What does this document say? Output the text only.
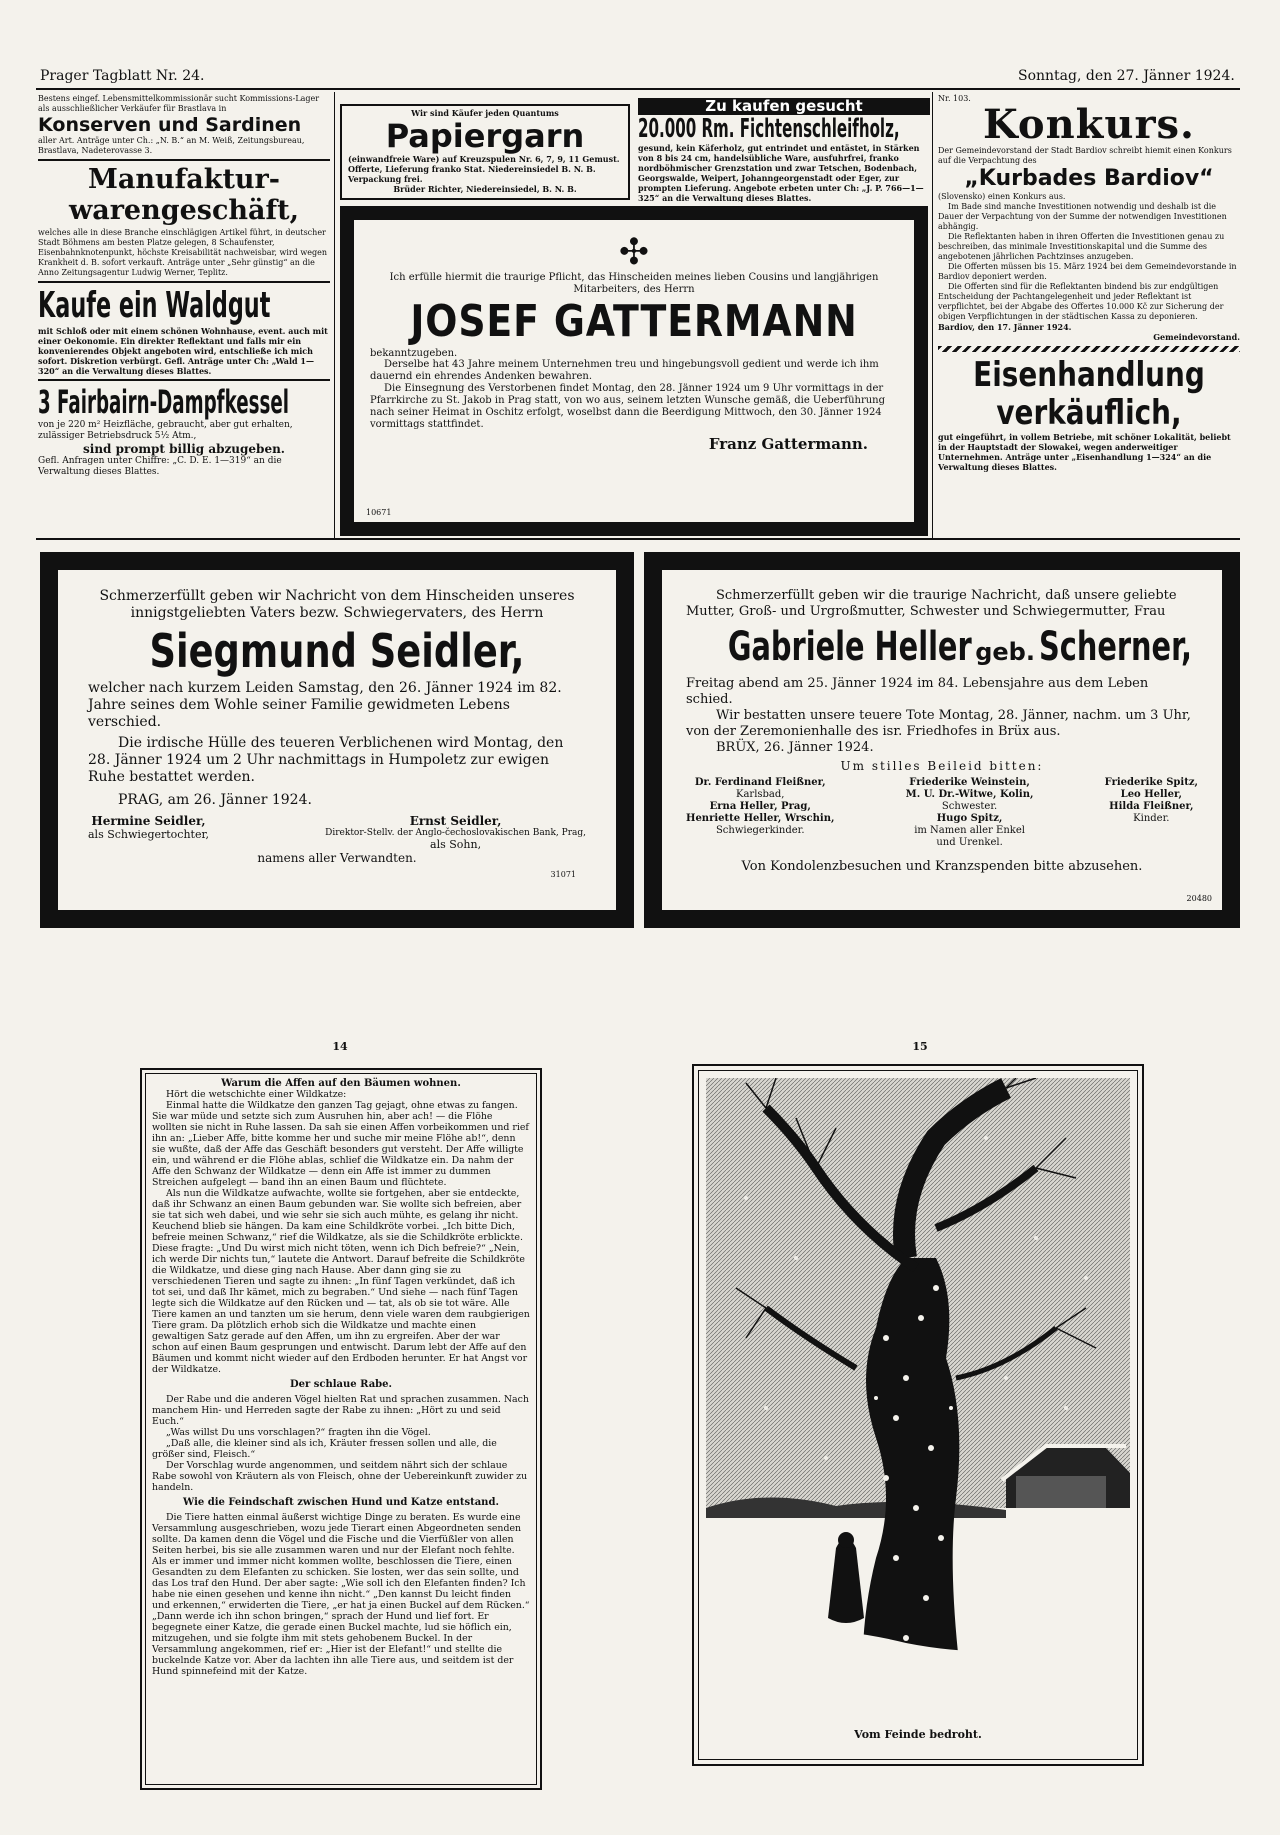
Prager Tagblatt Nr. 24.	Sonntag, den 27. Jänner 1924.

Bestens eingef. Lebensmittelkommissionär sucht Kommissions-Lager als ausschließlicher Verkäufer für Brastlava in

Konserven und Sardinen

aller Art. Anträge unter Ch.: „N. B.“ an M. Weiß, Zeitungsbureau, Brastlava, Nadeterovasse 3.

Manufaktur-
warengeschäft,

welches alle in diese Branche einschlägigen Artikel führt, in deutscher Stadt Böhmens am besten Platze gelegen, 8 Schaufenster, Eisenbahnknotenpunkt, höchste Kreisabilität nachweisbar, wird wegen Krankheit d. B. sofort verkauft. Anträge unter „Sehr günstig“ an die Anno Zeitungsagentur Ludwig Werner, Teplitz.

Kaufe ein Waldgut

mit Schloß oder mit einem schönen Wohnhause, event. auch mit einer Oekonomie. Ein direkter Reflektant und falls mir ein konvenierendes Objekt angeboten wird, entschließe ich mich sofort. Diskretion verbürgt. Gefl. Anträge unter Ch: „Wald 1—320“ an die Verwaltung dieses Blattes.

3 Fairbairn-Dampfkessel

von je 220 m² Heizfläche, gebraucht, aber gut erhalten, zulässiger Betriebsdruck 5½ Atm.,

sind prompt billig abzugeben.

Gefl. Anfragen unter Chiffre: „C. D. E. 1—319“ an die Verwaltung dieses Blattes.

Wir sind Käufer jeden Quantums
Papiergarn
(einwandfreie Ware) auf Kreuzspulen Nr. 6, 7, 9, 11 Gemust. Offerte, Lieferung franko Stat. Niedereinsiedel B. N. B. Verpackung frei.
Brüder Richter, Niedereinsiedel, B. N. B.
Zu kaufen gesucht
20.000 Rm. Fichtenschleifholz,

gesund, kein Käferholz, gut entrindet und entästet, in Stärken von 8 bis 24 cm, handelsübliche Ware, ausfuhrfrei, franko nordböhmischer Grenzstation und zwar Tetschen, Bodenbach, Georgswalde, Weipert, Johanngeorgenstadt oder Eger, zur prompten Lieferung. Angebote erbeten unter Ch: „J. P. 766—1—325“ an die Verwaltung dieses Blattes.

✣

Ich erfülle hiermit die traurige Pflicht, das Hinscheiden meines lieben Cousins und langjährigen Mitarbeiters, des Herrn

JOSEF GATTERMANN

bekanntzugeben.

Derselbe hat 43 Jahre meinem Unternehmen treu und hingebungsvoll gedient und werde ich ihm dauernd ein ehrendes Andenken bewahren.

Die Einsegnung des Verstorbenen findet Montag, den 28. Jänner 1924 um 9 Uhr vormittags in der Pfarrkirche zu St. Jakob in Prag statt, von wo aus, seinem letzten Wunsche gemäß, die Ueberführung nach seiner Heimat in Oschitz erfolgt, woselbst dann die Beerdigung Mittwoch, den 30. Jänner 1924 vormittags stattfindet.

Franz Gattermann.
10671
Nr. 103.
Konkurs.

Der Gemeindevorstand der Stadt Bardiov schreibt hiemit einen Konkurs auf die Verpachtung des

„Kurbades Bardiov“

(Slovensko) einen Konkurs aus.

Im Bade sind manche Investitionen notwendig und deshalb ist die Dauer der Verpachtung von der Summe der notwendigen Investitionen abhängig.

Die Reflektanten haben in ihren Offerten die Investitionen genau zu beschreiben, das minimale Investitionskapital und die Summe des angebotenen jährlichen Pachtzinses anzugeben.

Die Offerten müssen bis 15. März 1924 bei dem Gemeindevorstande in Bardiov deponiert werden.

Die Offerten sind für die Reflektanten bindend bis zur endgültigen Entscheidung der Pachtangelegenheit und jeder Reflektant ist verpflichtet, bei der Abgabe des Offertes 10.000 Kč zur Sicherung der obigen Verpflichtungen in der städtischen Kassa zu deponieren.

Bardiov, den 17. Jänner 1924.
Gemeindevorstand.
Eisenhandlung
verkäuflich,

gut eingeführt, in vollem Betriebe, mit schöner Lokalität, beliebt in der Hauptstadt der Slowakei, wegen anderweitiger Unternehmen. Anträge unter „Eisenhandlung 1—324“ an die Verwaltung dieses Blattes.

Schmerzerfüllt geben wir Nachricht von dem Hinscheiden unseres innigstgeliebten Vaters bezw. Schwiegervaters, des Herrn

Siegmund Seidler,

welcher nach kurzem Leiden Samstag, den 26. Jänner 1924 im 82. Jahre seines dem Wohle seiner Familie gewidmeten Lebens verschied.

Die irdische Hülle des teueren Verblichenen wird Montag, den 28. Jänner 1924 um 2 Uhr nachmittags in Humpoletz zur ewigen Ruhe bestattet werden.

PRAG, am 26. Jänner 1924.

Hermine Seidler,
als Schwiegertochter,
Ernst Seidler,
Direktor-Stellv. der Anglo-čechoslovakischen Bank, Prag,
als Sohn,
namens aller Verwandten.
31071

Schmerzerfüllt geben wir die traurige Nachricht, daß unsere geliebte Mutter, Groß- und Urgroßmutter, Schwester und Schwiegermutter, Frau

Gabriele Heller geb. Scherner,

Freitag abend am 25. Jänner 1924 im 84. Lebensjahre aus dem Leben schied.

Wir bestatten unsere teuere Tote Montag, 28. Jänner, nachm. um 3 Uhr, von der Zeremonienhalle des isr. Friedhofes in Brüx aus.

BRÜX, 26. Jänner 1924.

Um stilles Beileid bitten:
Dr. Ferdinand Fleißner,
Karlsbad,
Erna Heller, Prag,
Henriette Heller, Wrschin,
Schwiegerkinder.
Friederike Weinstein,
M. U. Dr.-Witwe, Kolin,
Schwester.
Hugo Spitz,
im Namen aller Enkel
und Urenkel.
Friederike Spitz,
Leo Heller,
Hilda Fleißner,
Kinder.
Von Kondolenzbesuchen und Kranzspenden bitte abzusehen.
20480
14
Warum die Affen auf den Bäumen wohnen.

Hört die wetschichte einer Wildkatze:

Einmal hatte die Wildkatze den ganzen Tag gejagt, ohne etwas zu fangen. Sie war müde und setzte sich zum Ausruhen hin, aber ach! — die Flöhe wollten sie nicht in Ruhe lassen. Da sah sie einen Affen vorbeikommen und rief ihn an: „Lieber Affe, bitte komme her und suche mir meine Flöhe ab!“, denn sie wußte, daß der Affe das Geschäft besonders gut versteht. Der Affe willigte ein, und während er die Flöhe ablas, schlief die Wildkatze ein. Da nahm der Affe den Schwanz der Wildkatze — denn ein Affe ist immer zu dummen Streichen aufgelegt — band ihn an einen Baum und flüchtete.

Als nun die Wildkatze aufwachte, wollte sie fortgehen, aber sie entdeckte, daß ihr Schwanz an einen Baum gebunden war. Sie wollte sich befreien, aber sie tat sich weh dabei, und wie sehr sie sich auch mühte, es gelang ihr nicht. Keuchend blieb sie hängen. Da kam eine Schildkröte vorbei. „Ich bitte Dich, befreie meinen Schwanz,“ rief die Wildkatze, als sie die Schildkröte erblickte. Diese fragte: „Und Du wirst mich nicht töten, wenn ich Dich befreie?“ „Nein, ich werde Dir nichts tun,“ lautete die Antwort. Darauf befreite die Schildkröte die Wildkatze, und diese ging nach Hause. Aber dann ging sie zu verschiedenen Tieren und sagte zu ihnen: „In fünf Tagen verkündet, daß ich tot sei, und daß Ihr kämet, mich zu begraben.“ Und siehe — nach fünf Tagen legte sich die Wildkatze auf den Rücken und — tat, als ob sie tot wäre. Alle Tiere kamen an und tanzten um sie herum, denn viele waren dem raubgierigen Tiere gram. Da plötzlich erhob sich die Wildkatze und machte einen gewaltigen Satz gerade auf den Affen, um ihn zu ergreifen. Aber der war schon auf einen Baum gesprungen und entwischt. Darum lebt der Affe auf den Bäumen und kommt nicht wieder auf den Erdboden herunter. Er hat Angst vor der Wildkatze.

Der schlaue Rabe.

Der Rabe und die anderen Vögel hielten Rat und sprachen zusammen. Nach manchem Hin- und Herreden sagte der Rabe zu ihnen: „Hört zu und seid Euch.“

„Was willst Du uns vorschlagen?“ fragten ihn die Vögel.

„Daß alle, die kleiner sind als ich, Kräuter fressen sollen und alle, die größer sind, Fleisch.“

Der Vorschlag wurde angenommen, und seitdem nährt sich der schlaue Rabe sowohl von Kräutern als von Fleisch, ohne der Uebereinkunft zuwider zu handeln.

Wie die Feindschaft zwischen Hund und Katze entstand.

Die Tiere hatten einmal äußerst wichtige Dinge zu beraten. Es wurde eine Versammlung ausgeschrieben, wozu jede Tierart einen Abgeordneten senden sollte. Da kamen denn die Vögel und die Fische und die Vierfüßler von allen Seiten herbei, bis sie alle zusammen waren und nur der Elefant noch fehlte. Als er immer und immer nicht kommen wollte, beschlossen die Tiere, einen Gesandten zu dem Elefanten zu schicken. Sie losten, wer das sein sollte, und das Los traf den Hund. Der aber sagte: „Wie soll ich den Elefanten finden? Ich habe nie einen gesehen und kenne ihn nicht.“ „Den kannst Du leicht finden und erkennen,“ erwiderten die Tiere, „er hat ja einen Buckel auf dem Rücken.“ „Dann werde ich ihn schon bringen,“ sprach der Hund und lief fort. Er begegnete einer Katze, die gerade einen Buckel machte, lud sie höflich ein, mitzugehen, und sie folgte ihm mit stets gehobenem Buckel. In der Versammlung angekommen, rief er: „Hier ist der Elefant!“ und stellte die buckelnde Katze vor. Aber da lachten ihn alle Tiere aus, und seitdem ist der Hund spinnefeind mit der Katze.

15
Vom Feinde bedroht.
